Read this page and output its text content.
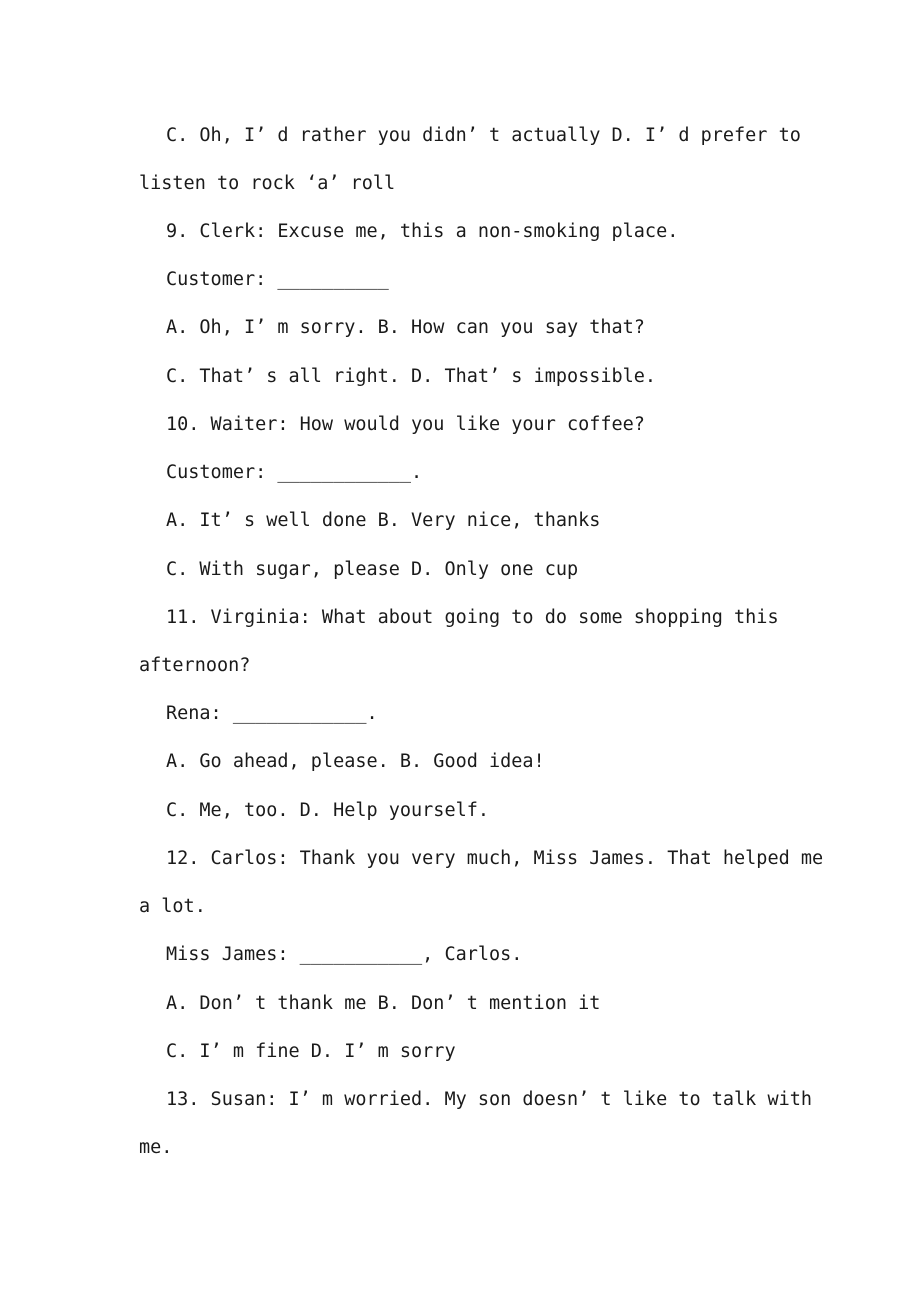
C. Oh, I’ d rather you didn’ t actually D. I’ d prefer to
listen to rock ‘a’ roll
9. Clerk: Excuse me, this a non-smoking place.
Customer: __________
A. Oh, I’ m sorry. B. How can you say that?
C. That’ s all right. D. That’ s impossible.
10. Waiter: How would you like your coffee?
Customer: ____________.
A. It’ s well done B. Very nice, thanks
C. With sugar, please D. Only one cup
11. Virginia: What about going to do some shopping this
afternoon?
Rena: ____________.
A. Go ahead, please. B. Good idea!
C. Me, too. D. Help yourself.
12. Carlos: Thank you very much, Miss James. That helped me
a lot.
Miss James: ___________, Carlos.
A. Don’ t thank me B. Don’ t mention it
C. I’ m fine D. I’ m sorry
13. Susan: I’ m worried. My son doesn’ t like to talk with
me.
